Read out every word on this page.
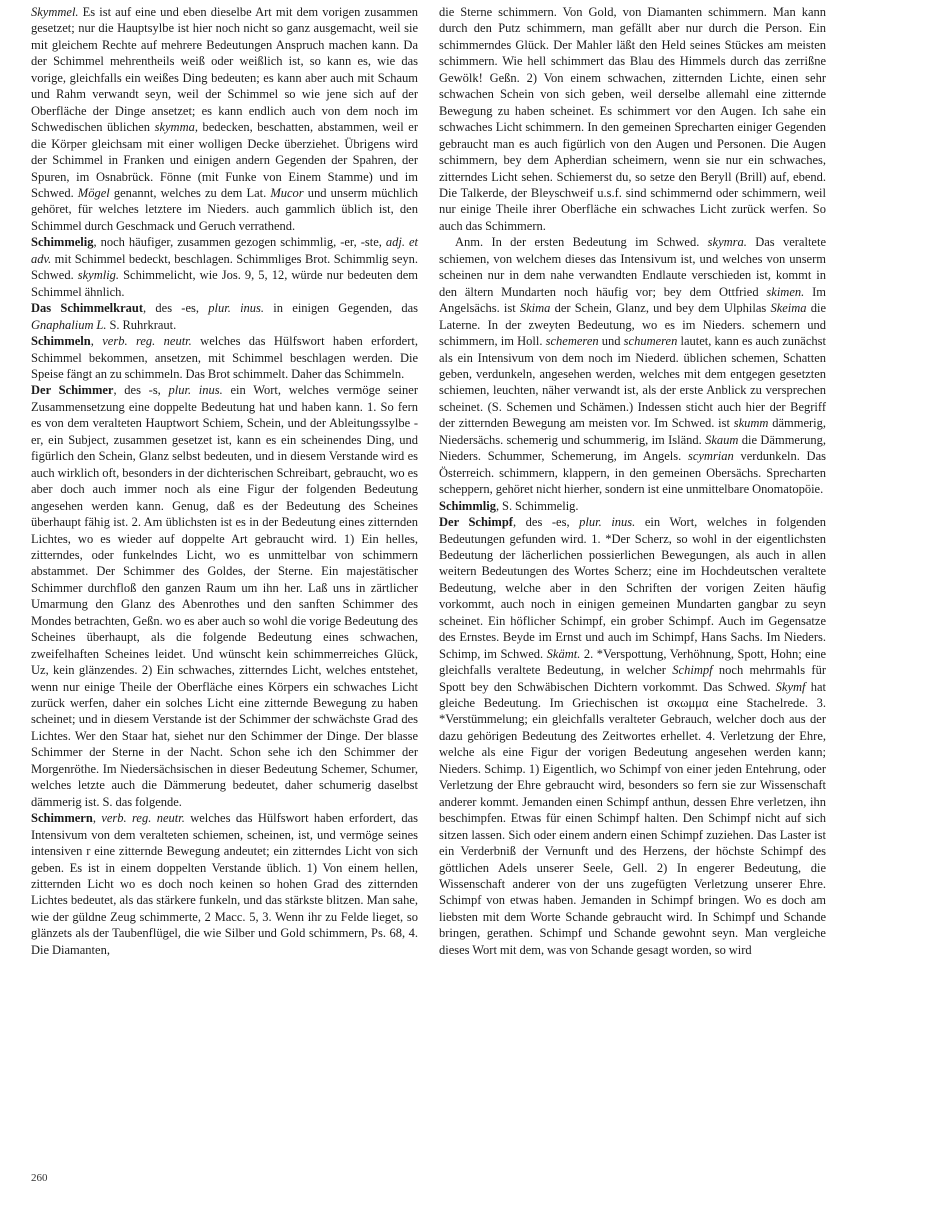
Skymmel. Es ist auf eine und eben dieselbe Art mit dem vorigen zusammen gesetzet; nur die Hauptsylbe ist hier noch nicht so ganz ausgemacht, weil sie mit gleichem Rechte auf mehrere Bedeutungen Anspruch machen kann. Da der Schimmel mehrentheils weiß oder weißlich ist, so kann es, wie das vorige, gleichfalls ein weißes Ding bedeuten; es kann aber auch mit Schaum und Rahm verwandt seyn, weil der Schimmel so wie jene sich auf der Oberfläche der Dinge ansetzet; es kann endlich auch von dem noch im Schwedischen üblichen skymma, bedecken, beschatten, abstammen, weil er die Körper gleichsam mit einer wolligen Decke überziehet. Übrigens wird der Schimmel in Franken und einigen andern Gegenden der Spahren, der Spuren, im Osnabrück. Fönne (mit Funke von Einem Stamme) und im Schwed. Mögel genannt, welches zu dem Lat. Mucor und unserm müchlich gehöret, für welches letztere im Nieders. auch gammlich üblich ist, den Schimmel durch Geschmack und Geruch verrathend.

Schimmelig, noch häufiger, zusammen gezogen schimmlig, -er, -ste, adj. et adv. mit Schimmel bedeckt, beschlagen. Schimmliges Brot. Schimmlig seyn. Schwed. skymlig. Schimmelicht, wie Jos. 9, 5, 12, würde nur bedeuten dem Schimmel ähnlich.

Das Schimmelkraut, des -es, plur. inus. in einigen Gegenden, das Gnaphalium L. S. Ruhrkraut.

Schimmeln, verb. reg. neutr. welches das Hülfswort haben erfordert, Schimmel bekommen, ansetzen, mit Schimmel beschlagen werden. Die Speise fängt an zu schimmeln. Das Brot schimmelt. Daher das Schimmeln.

Der Schimmer, des -s, plur. inus. ein Wort, welches vermöge seiner Zusammensetzung eine doppelte Bedeutung hat und haben kann. 1. So fern es von dem veralteten Hauptwort Schiem, Schein, und der Ableitungssylbe -er, ein Subject, zusammen gesetzet ist, kann es ein scheinendes Ding, und figürlich den Schein, Glanz selbst bedeuten, und in diesem Verstande wird es auch wirklich oft, besonders in der dichterischen Schreibart, gebraucht, wo es aber doch auch immer noch als eine Figur der folgenden Bedeutung angesehen werden kann. Genug, daß es der Bedeutung des Scheines überhaupt fähig ist. 2. Am üblichsten ist es in der Bedeutung eines zitternden Lichtes, wo es wieder auf doppelte Art gebraucht wird. 1) Ein helles, zitterndes, oder funkelndes Licht, wo es unmittelbar von schimmern abstammet. Der Schimmer des Goldes, der Sterne. Ein majestätischer Schimmer durchfloß den ganzen Raum um ihn her. Laß uns in zärtlicher Umarmung den Glanz des Abenrothes und den sanften Schimmer des Mondes betrachten, Geßn. wo es aber auch so wohl die vorige Bedeutung des Scheines überhaupt, als die folgende Bedeutung eines schwachen, zweifelhaften Scheines leidet. Und wünscht kein schimmerreiches Glück, Uz, kein glänzendes. 2) Ein schwaches, zitterndes Licht, welches entstehet, wenn nur einige Theile der Oberfläche eines Körpers ein schwaches Licht zurück werfen, daher ein solches Licht eine zitternde Bewegung zu haben scheinet; und in diesem Verstande ist der Schimmer der schwächste Grad des Lichtes. Wer den Staar hat, siehet nur den Schimmer der Dinge. Der blasse Schimmer der Sterne in der Nacht. Schon sehe ich den Schimmer der Morgenröthe. Im Niedersächsischen in dieser Bedeutung Schemer, Schumer, welches letzte auch die Dämmerung bedeutet, daher schumerig daselbst dämmerig ist. S. das folgende.

Schimmern, verb. reg. neutr. welches das Hülfswort haben erfordert, das Intensivum von dem veralteten schiemen, scheinen, ist, und vermöge seines intensiven r eine zitternde Bewegung andeutet; ein zitterndes Licht von sich geben. Es ist in einem doppelten Verstande üblich. 1) Von einem hellen, zitternden Licht wo es doch noch keinen so hohen Grad des zitternden Lichtes bedeutet, als das stärkere funkeln, und das stärkste blitzen. Man sahe, wie der güldne Zeug schimmerte, 2 Macc. 5, 3. Wenn ihr zu Felde lieget, so glänzets als der Taubenflügel, die wie Silber und Gold schimmern, Ps. 68, 4. Die Diamanten,

die Sterne schimmern. Von Gold, von Diamanten schimmern. Man kann durch den Putz schimmern, man gefällt aber nur durch die Person. Ein schimmerndes Glück. Der Mahler läßt den Held seines Stückes am meisten schimmern. Wie hell schimmert das Blau des Himmels durch das zerrißne Gewölk! Geßn. 2) Von einem schwachen, zitternden Lichte, einen sehr schwachen Schein von sich geben, weil derselbe allemahl eine zitternde Bewegung zu haben scheinet. Es schimmert vor den Augen. Ich sahe ein schwaches Licht schimmern. In den gemeinen Sprecharten einiger Gegenden gebraucht man es auch figürlich von den Augen und Personen. Die Augen schimmern, bey dem Apherdian scheimern, wenn sie nur ein schwaches, zitterndes Licht sehen. Schiemerst du, so setze den Beryll (Brill) auf, ebend. Die Talkerde, der Bleyschweif u.s.f. sind schimmernd oder schimmern, weil nur einige Theile ihrer Oberfläche ein schwaches Licht zurück werfen. So auch das Schimmern.

Anm. In der ersten Bedeutung im Schwed. skymra. Das veraltete schiemen, von welchem dieses das Intensivum ist, und welches von unserm scheinen nur in dem nahe verwandten Endlaute verschieden ist, kommt in den ältern Mundarten noch häufig vor; bey dem Ottfried skimen. Im Angelsächs. ist Skima der Schein, Glanz, und bey dem Ulphilas Skeima die Laterne. In der zweyten Bedeutung, wo es im Nieders. schemern und schimmern, im Holl. schemeren und schumeren lautet, kann es auch zunächst als ein Intensivum von dem noch im Niederd. üblichen schemen, Schatten geben, verdunkeln, angesehen werden, welches mit dem entgegen gesetzten schiemen, leuchten, näher verwandt ist, als der erste Anblick zu versprechen scheinet. (S. Schemen und Schämen.) Indessen sticht auch hier der Begriff der zitternden Bewegung am meisten vor. Im Schwed. ist skumm dämmerig, Niedersächs. schemerig und schummerig, im Isländ. Skaum die Dämmerung, Nieders. Schummer, Schemerung, im Angels. scymrian verdunkeln. Das Österreich. schimmern, klappern, in den gemeinen Obersächs. Sprecharten scheppern, gehöret nicht hierher, sondern ist eine unmittelbare Onomatopöie.

Schimmlig, S. Schimmelig.

Der Schimpf, des -es, plur. inus. ein Wort, welches in folgenden Bedeutungen gefunden wird. 1. *Der Scherz, so wohl in der eigentlichsten Bedeutung der lächerlichen possierlichen Bewegungen, als auch in allen weitern Bedeutungen des Wortes Scherz; eine im Hochdeutschen veraltete Bedeutung, welche aber in den Schriften der vorigen Zeiten häufig vorkommt, auch noch in einigen gemeinen Mundarten gangbar zu seyn scheinet. Ein höflicher Schimpf, ein grober Schimpf. Auch im Gegensatze des Ernstes. Beyde im Ernst und auch im Schimpf, Hans Sachs. Im Nieders. Schimp, im Schwed. Skämt. 2. *Verspottung, Verhöhnung, Spott, Hohn; eine gleichfalls veraltete Bedeutung, in welcher Schimpf noch mehrmahls für Spott bey den Schwäbischen Dichtern vorkommt. Das Schwed. Skymf hat gleiche Bedeutung. Im Griechischen ist σκωμμα eine Stachelrede. 3. *Verstümmelung; ein gleichfalls veralteter Gebrauch, welcher doch aus der dazu gehörigen Bedeutung des Zeitwortes erhellet. 4. Verletzung der Ehre, welche als eine Figur der vorigen Bedeutung angesehen werden kann; Nieders. Schimp. 1) Eigentlich, wo Schimpf von einer jeden Entehrung, oder Verletzung der Ehre gebraucht wird, besonders so fern sie zur Wissenschaft anderer kommt. Jemanden einen Schimpf anthun, dessen Ehre verletzen, ihn beschimpfen. Etwas für einen Schimpf halten. Den Schimpf nicht auf sich sitzen lassen. Sich oder einem andern einen Schimpf zuziehen. Das Laster ist ein Verderbniß der Vernunft und des Herzens, der höchste Schimpf des göttlichen Adels unserer Seele, Gell. 2) In engerer Bedeutung, die Wissenschaft anderer von der uns zugefügten Verletzung unserer Ehre. Schimpf von etwas haben. Jemanden in Schimpf bringen. Wo es doch am liebsten mit dem Worte Schande gebraucht wird. In Schimpf und Schande bringen, gerathen. Schimpf und Schande gewohnt seyn. Man vergleiche dieses Wort mit dem, was von Schande gesagt worden, so wird

260
